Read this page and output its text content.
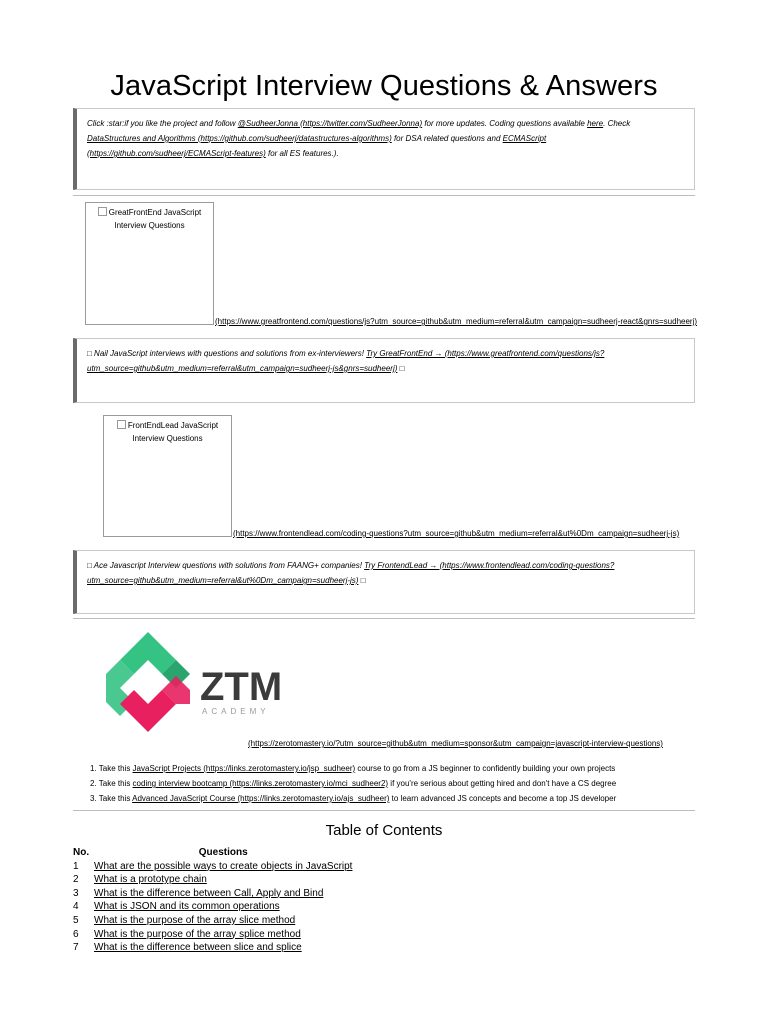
JavaScript Interview Questions & Answers
Click :star:if you like the project and follow @SudheerJonna (https://twitter.com/SudheerJonna) for more updates. Coding questions available here. Check DataStructures and Algorithms (https://github.com/sudheerj/datastructures-algorithms) for DSA related questions and ECMAScript (https://github.com/sudheerj/ECMAScript-features) for all ES features.).
GreatFrontEnd JavaScript Interview Questions
(https://www.greatfrontend.com/questions/js?utm_source=github&utm_medium=referral&utm_campaign=sudheerj-react&gnrs=sudheerj)
□ Nail JavaScript interviews with questions and solutions from ex-interviewers! Try GreatFrontEnd → (https://www.greatfrontend.com/questions/js?utm_source=github&utm_medium=referral&utm_campaign=sudheerj-js&gnrs=sudheerj) □
FrontEndLead JavaScript Interview Questions
(https://www.frontendlead.com/coding-questions?utm_source=github&utm_medium=referral&ut%0Dm_campaign=sudheerj-js)
□ Ace Javascript Interview questions with solutions from FAANG+ companies! Try FrontendLead → (https://www.frontendlead.com/coding-questions?utm_source=github&utm_medium=referral&ut%0Dm_campaign=sudheerj-js) □
ZTM
ACADEMY
(https://zerotomastery.io/?utm_source=github&utm_medium=sponsor&utm_campaign=javascript-interview-questions)
1. Take this JavaScript Projects (https://links.zerotomastery.io/jsp_sudheer) course to go from a JS beginner to confidently building your own projects
2. Take this coding interview bootcamp (https://links.zerotomastery.io/mci_sudheer2) if you're serious about getting hired and don't have a CS degree
3. Take this Advanced JavaScript Course (https://links.zerotomastery.io/ajs_sudheer) to learn advanced JS concepts and become a top JS developer
Table of Contents
No.	Questions
1	What are the possible ways to create objects in JavaScript
2	What is a prototype chain
3	What is the difference between Call, Apply and Bind
4	What is JSON and its common operations
5	What is the purpose of the array slice method
6	What is the purpose of the array splice method
7	What is the difference between slice and splice
